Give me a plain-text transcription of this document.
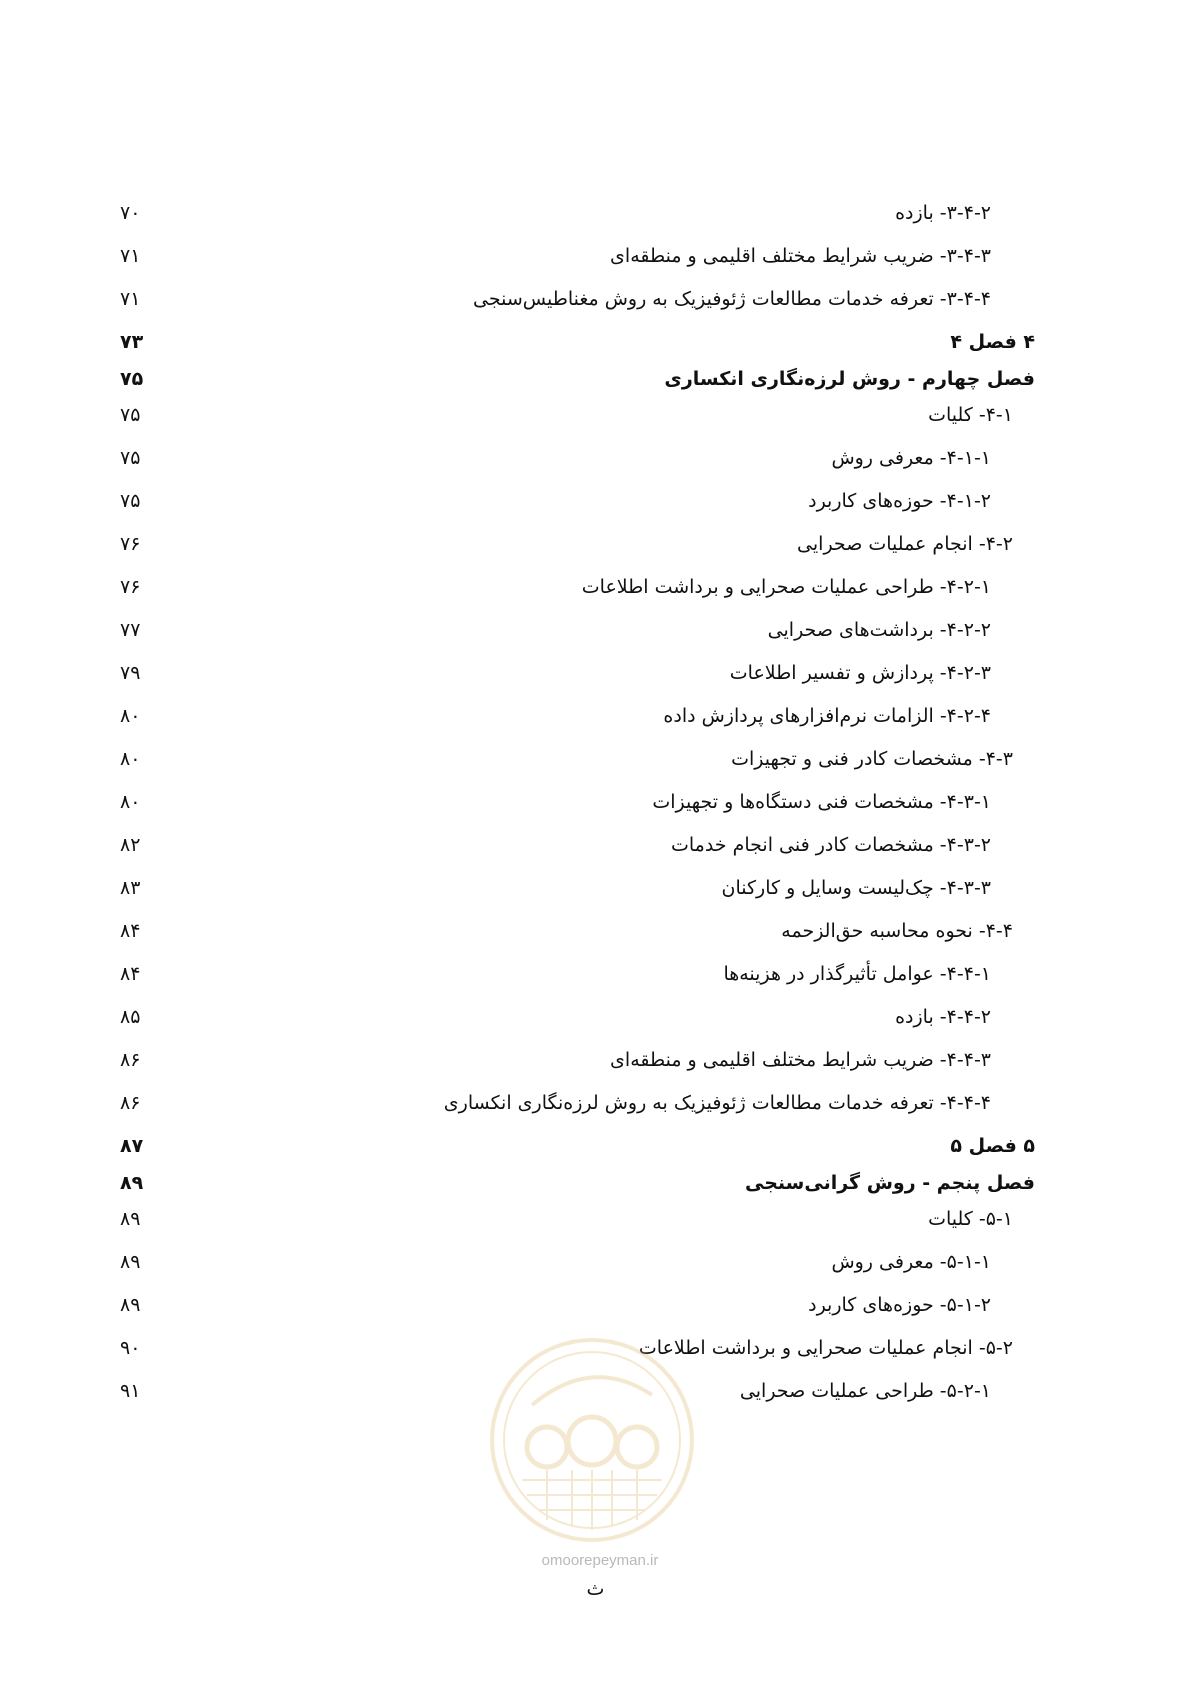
۳-۴-۲- بازده
۷۰
۳-۴-۳- ضریب شرایط مختلف اقلیمی و منطقه‌ای
۷۱
۳-۴-۴- تعرفه خدمات مطالعات ژئوفیزیک به روش مغناطیس‌سنجی
۷۱
۴ فصل ۴
۷۳
فصل چهارم - روش لرزه‌نگاری انکساری
۷۵
۴-۱- کلیات
۷۵
۴-۱-۱- معرفی روش
۷۵
۴-۱-۲- حوزه‌های کاربرد
۷۵
۴-۲- انجام عملیات صحرایی
۷۶
۴-۲-۱- طراحی عملیات صحرایی و برداشت اطلاعات
۷۶
۴-۲-۲- برداشت‌های صحرایی
۷۷
۴-۲-۳- پردازش و تفسیر اطلاعات
۷۹
۴-۲-۴- الزامات نرم‌افزارهای پردازش داده
۸۰
۴-۳- مشخصات کادر فنی و تجهیزات
۸۰
۴-۳-۱- مشخصات فنی دستگاه‌ها و تجهیزات
۸۰
۴-۳-۲- مشخصات کادر فنی انجام خدمات
۸۲
۴-۳-۳- چک‌لیست وسایل و کارکنان
۸۳
۴-۴- نحوه محاسبه حق‌الزحمه
۸۴
۴-۴-۱- عوامل تأثیرگذار در هزینه‌ها
۸۴
۴-۴-۲- بازده
۸۵
۴-۴-۳- ضریب شرایط مختلف اقلیمی و منطقه‌ای
۸۶
۴-۴-۴- تعرفه خدمات مطالعات ژئوفیزیک به روش لرزه‌نگاری انکساری
۸۶
۵ فصل ۵
۸۷
فصل پنجم - روش گرانی‌سنجی
۸۹
۵-۱- کلیات
۸۹
۵-۱-۱- معرفی روش
۸۹
۵-۱-۲- حوزه‌های کاربرد
۸۹
۵-۲- انجام عملیات صحرایی و برداشت اطلاعات
۹۰
۵-۲-۱- طراحی عملیات صحرایی
۹۱
omoorepeyman.ir
ث
